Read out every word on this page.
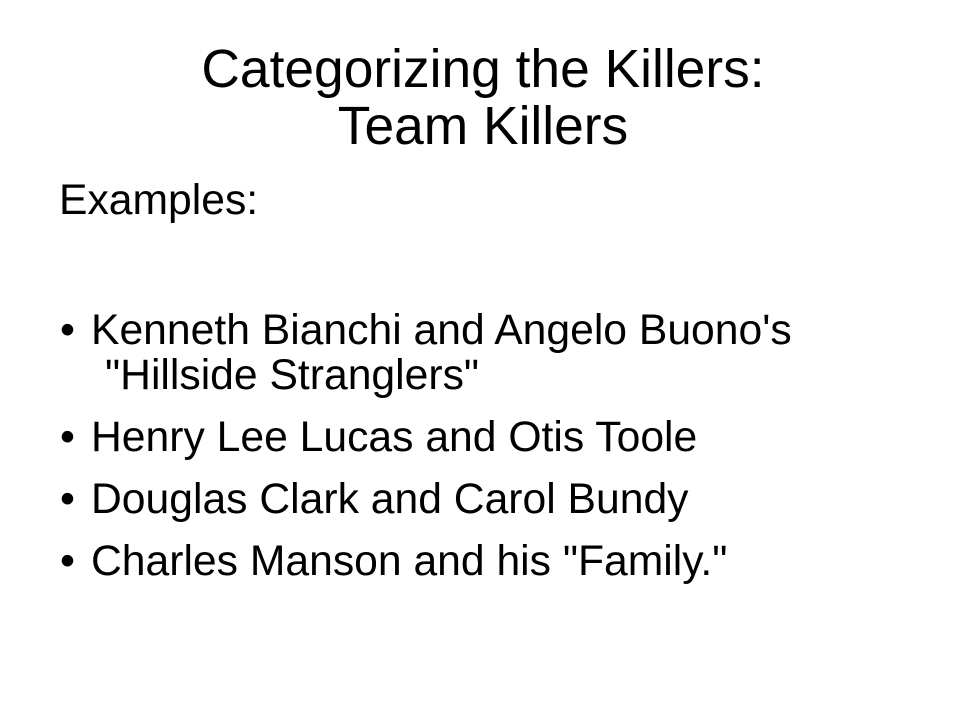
Categorizing the Killers:
Team Killers
Examples:
• Kenneth Bianchi and Angelo Buono's
"Hillside Stranglers"
• Henry Lee Lucas and Otis Toole
• Douglas Clark and Carol Bundy
• Charles Manson and his "Family."
